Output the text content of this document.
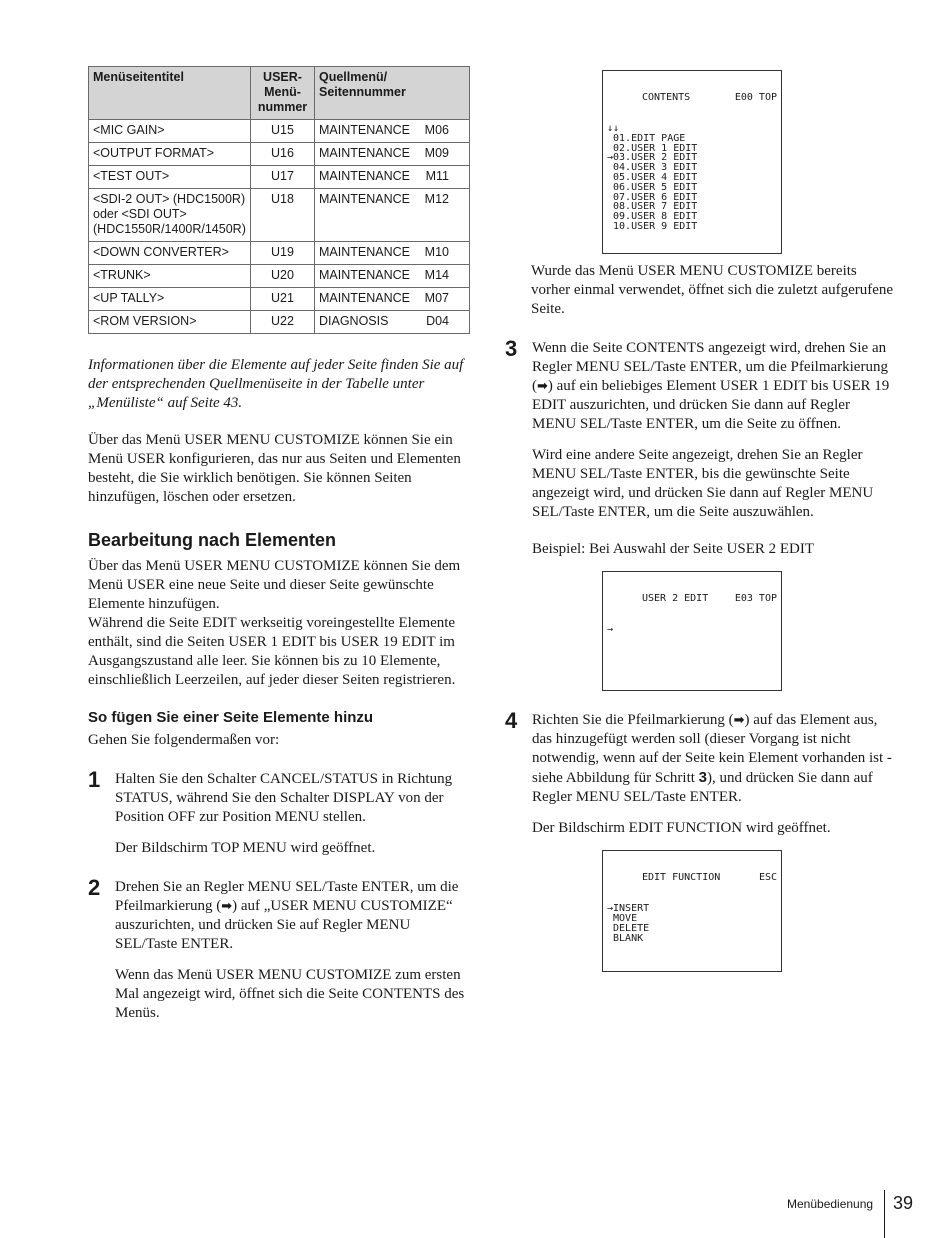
Menüseitentitel	USER- Menü- nummer	Quellmenü/ Seitennummer
<MIC GAIN>	U15	MAINTENANCE M06

<OUTPUT FORMAT>	U16	MAINTENANCE M09

<TEST OUT>	U17	MAINTENANCE M11

<SDI-2 OUT> (HDC1500R) oder <SDI OUT> (HDC1550R/1400R/1450R)	U18	MAINTENANCE M12

<DOWN CONVERTER>	U19	MAINTENANCE M10

<TRUNK>	U20	MAINTENANCE M14

<UP TALLY>	U21	MAINTENANCE M07

<ROM VERSION>	U22	DIAGNOSIS D04

Informationen über die Elemente auf jeder Seite finden Sie auf der entsprechenden Quellmenüseite in der Tabelle unter „Menüliste“ auf Seite 43.

Über das Menü USER MENU CUSTOMIZE können Sie ein Menü USER konfigurieren, das nur aus Seiten und Elementen besteht, die Sie wirklich benötigen. Sie können Seiten hinzufügen, löschen oder ersetzen.

Bearbeitung nach Elementen

Über das Menü USER MENU CUSTOMIZE können Sie dem Menü USER eine neue Seite und dieser Seite gewünschte Elemente hinzufügen.

Während die Seite EDIT werkseitig voreingestellte Elemente enthält, sind die Seiten USER 1 EDIT bis USER 19 EDIT im Ausgangszustand alle leer. Sie können bis zu 10 Elemente, einschließlich Leerzeilen, auf jeder dieser Seiten registrieren.

So fügen Sie einer Seite Elemente hinzu

Gehen Sie folgendermaßen vor:

1 Halten Sie den Schalter CANCEL/STATUS in Richtung STATUS, während Sie den Schalter DISPLAY von der Position OFF zur Position MENU stellen.

Der Bildschirm TOP MENU wird geöffnet.

2 Drehen Sie an Regler MENU SEL/Taste ENTER, um die Pfeilmarkierung (➡) auf „USER MENU CUSTOMIZE“ auszurichten, und drücken Sie auf Regler MENU SEL/Taste ENTER.

Wenn das Menü USER MENU CUSTOMIZE zum ersten Mal angezeigt wird, öffnet sich die Seite CONTENTS des Menüs.

CONTENTS	E00 TOP

↓↓
01.EDIT PAGE
02.USER 1 EDIT
→03.USER 2 EDIT
04.USER 3 EDIT
05.USER 4 EDIT
06.USER 5 EDIT
07.USER 6 EDIT
08.USER 7 EDIT
09.USER 8 EDIT
10.USER 9 EDIT

Wurde das Menü USER MENU CUSTOMIZE bereits vorher einmal verwendet, öffnet sich die zuletzt aufgerufene Seite.

3 Wenn die Seite CONTENTS angezeigt wird, drehen Sie an Regler MENU SEL/Taste ENTER, um die Pfeilmarkierung (➡) auf ein beliebiges Element USER 1 EDIT bis USER 19 EDIT auszurichten, und drücken Sie dann auf Regler MENU SEL/Taste ENTER, um die Seite zu öffnen.

Wird eine andere Seite angezeigt, drehen Sie an Regler MENU SEL/Taste ENTER, bis die gewünschte Seite angezeigt wird, und drücken Sie dann auf Regler MENU SEL/Taste ENTER, um die Seite auszuwählen.

Beispiel: Bei Auswahl der Seite USER 2 EDIT

USER 2 EDIT	E03 TOP

→

4 Richten Sie die Pfeilmarkierung (➡) auf das Element aus, das hinzugefügt werden soll (dieser Vorgang ist nicht notwendig, wenn auf der Seite kein Element vorhanden ist - siehe Abbildung für Schritt 3), und drücken Sie dann auf Regler MENU SEL/Taste ENTER.

Der Bildschirm EDIT FUNCTION wird geöffnet.

EDIT FUNCTION	ESC

→INSERT
MOVE
DELETE
BLANK

Menübedienung 39
